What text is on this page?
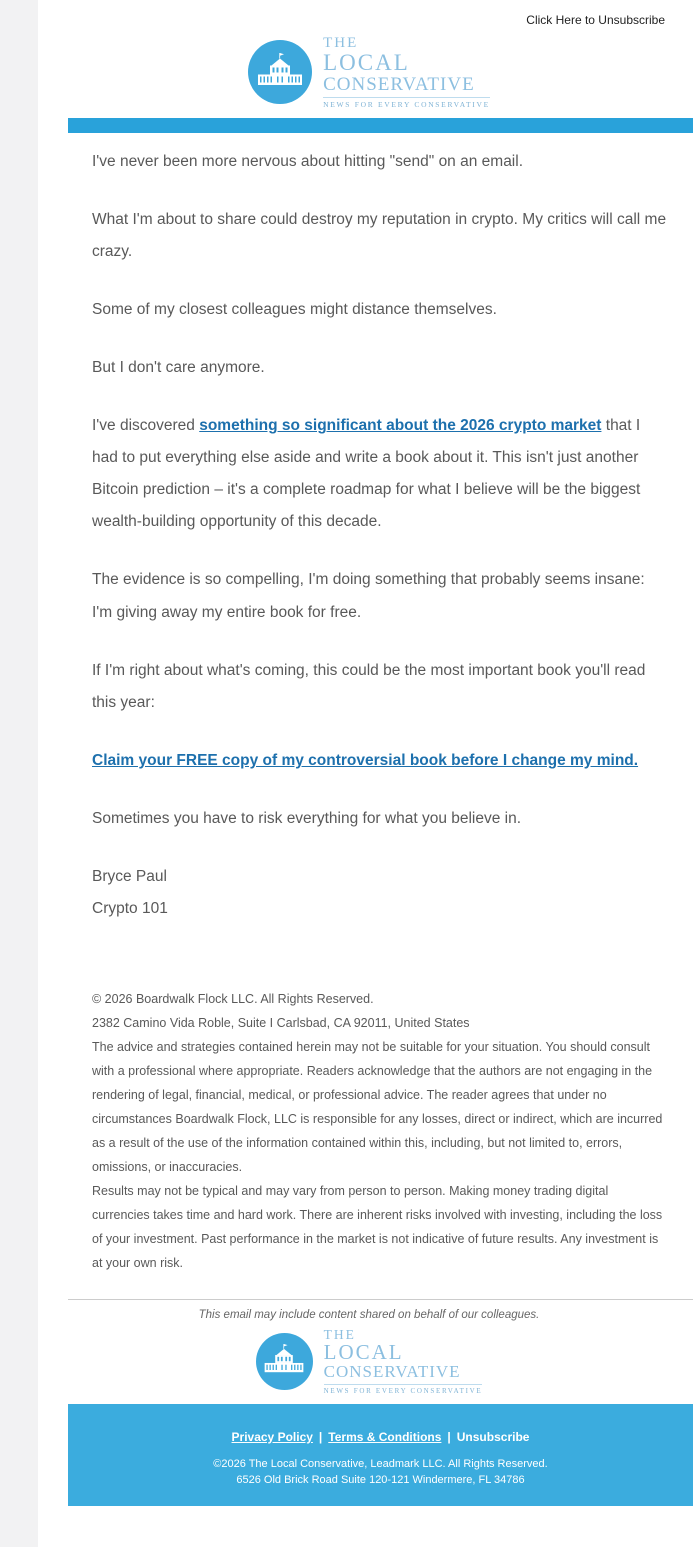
Click Here to Unsubscribe
THE
LOCAL
CONSERVATIVE
NEWS FOR EVERY CONSERVATIVE

I've never been more nervous about hitting "send" on an email.

What I'm about to share could destroy my reputation in crypto. My critics will call me crazy.

Some of my closest colleagues might distance themselves.

But I don't care anymore.

I've discovered something so significant about the 2026 crypto market that I had to put everything else aside and write a book about it. This isn't just another Bitcoin prediction – it's a complete roadmap for what I believe will be the biggest wealth-building opportunity of this decade.

The evidence is so compelling, I'm doing something that probably seems insane: I'm giving away my entire book for free.

If I'm right about what's coming, this could be the most important book you'll read this year:

Claim your FREE copy of my controversial book before I change my mind.

Sometimes you have to risk everything for what you believe in.

Bryce Paul
Crypto 101

© 2026 Boardwalk Flock LLC. All Rights Reserved.

2382 Camino Vida Roble, Suite I Carlsbad, CA 92011, United States

The advice and strategies contained herein may not be suitable for your situation. You should consult with a professional where appropriate. Readers acknowledge that the authors are not engaging in the rendering of legal, financial, medical, or professional advice. The reader agrees that under no circumstances Boardwalk Flock, LLC is responsible for any losses, direct or indirect, which are incurred as a result of the use of the information contained within this, including, but not limited to, errors, omissions, or inaccuracies.

Results may not be typical and may vary from person to person. Making money trading digital currencies takes time and hard work. There are inherent risks involved with investing, including the loss of your investment. Past performance in the market is not indicative of future results. Any investment is at your own risk.

This email may include content shared on behalf of our colleagues.
THE
LOCAL
CONSERVATIVE
NEWS FOR EVERY CONSERVATIVE
Privacy Policy | Terms & Conditions | Unsubscribe
©2026 The Local Conservative, Leadmark LLC. All Rights Reserved.
6526 Old Brick Road Suite 120-121 Windermere, FL 34786
